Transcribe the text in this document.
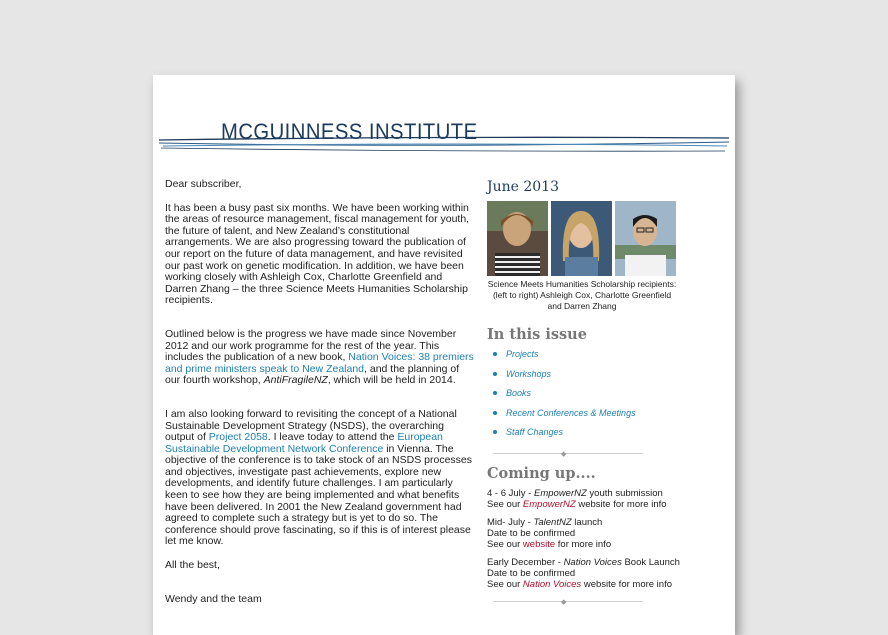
MCGUINNESS INSTITUTE

Dear subscriber,

It has been a busy past six months. We have been working within the areas of resource management, fiscal management for youth, the future of talent, and New Zealand’s constitutional arrangements. We are also progressing toward the publication of our report on the future of data management, and have revisited our past work on genetic modification. In addition, we have been working closely with Ashleigh Cox, Charlotte Greenfield and Darren Zhang – the three Science Meets Humanities Scholarship recipients.

Outlined below is the progress we have made since November 2012 and our work programme for the rest of the year. This includes the publication of a new book, Nation Voices: 38 premiers and prime ministers speak to New Zealand, and the planning of our fourth workshop, AntiFragileNZ, which will be held in 2014.

I am also looking forward to revisiting the concept of a National Sustainable Development Strategy (NSDS), the overarching output of Project 2058. I leave today to attend the European Sustainable Development Network Conference in Vienna. The objective of the conference is to take stock of an NSDS processes and objectives, investigate past achievements, explore new developments, and identify future challenges. I am particularly keen to see how they are being implemented and what benefits have been delivered. In 2001 the New Zealand government had agreed to complete such a strategy but is yet to do so. The conference should prove fascinating, so if this is of interest please let me know.

All the best,

Wendy and the team

June 2013
Science Meets Humanities Scholarship recipients: (left to right) Ashleigh Cox, Charlotte Greenfield and Darren Zhang
In this issue
Projects
Workshops
Books
Recent Conferences & Meetings
Staff Changes
◆
Coming up....
4 - 6 July - EmpowerNZ youth submission
See our EmpowerNZ website for more info
Mid- July - TalentNZ launch
Date to be confirmed
See our website for more info
Early December - Nation Voices Book Launch
Date to be confirmed
See our Nation Voices website for more info
◆
